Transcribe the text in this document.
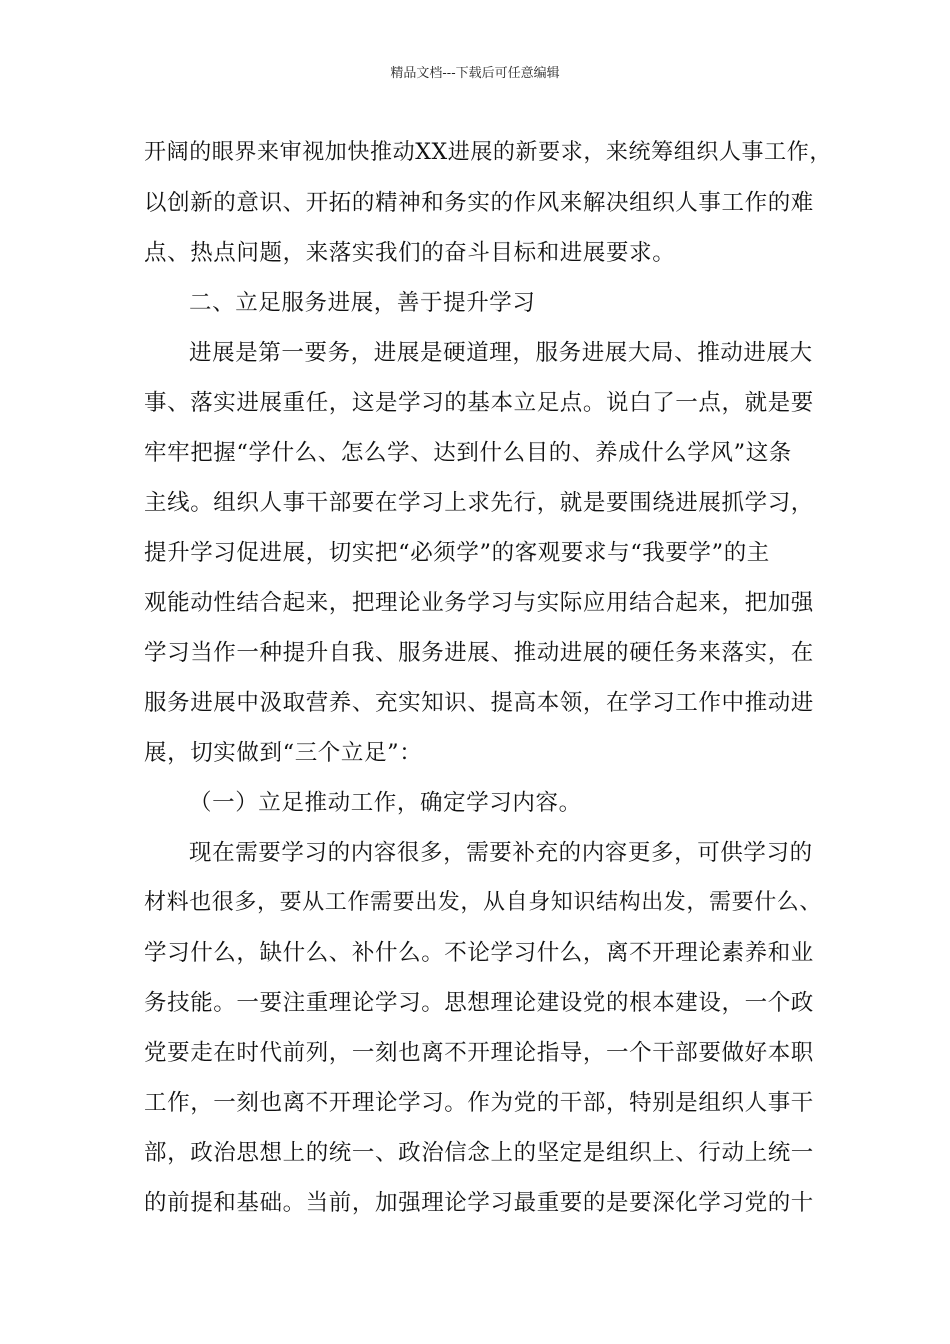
精品文档---下载后可任意编辑
开阔的眼界来审视加快推动XX进展的新要求，来统筹组织人事工作，
以创新的意识、开拓的精神和务实的作风来解决组织人事工作的难
点、热点问题，来落实我们的奋斗目标和进展要求。
二、立足服务进展，善于提升学习
进展是第一要务，进展是硬道理，服务进展大局、推动进展大
事、落实进展重任，这是学习的基本立足点。说白了一点，就是要
牢牢把握“学什么、怎么学、达到什么目的、养成什么学风”这条
主线。组织人事干部要在学习上求先行，就是要围绕进展抓学习，
提升学习促进展，切实把“必须学”的客观要求与“我要学”的主
观能动性结合起来，把理论业务学习与实际应用结合起来，把加强
学习当作一种提升自我、服务进展、推动进展的硬任务来落实，在
服务进展中汲取营养、充实知识、提高本领，在学习工作中推动进
展，切实做到“三个立足”：
（一）立足推动工作，确定学习内容。
现在需要学习的内容很多，需要补充的内容更多，可供学习的
材料也很多，要从工作需要出发，从自身知识结构出发，需要什么、
学习什么，缺什么、补什么。不论学习什么，离不开理论素养和业
务技能。一要注重理论学习。思想理论建设党的根本建设，一个政
党要走在时代前列，一刻也离不开理论指导，一个干部要做好本职
工作，一刻也离不开理论学习。作为党的干部，特别是组织人事干
部，政治思想上的统一、政治信念上的坚定是组织上、行动上统一
的前提和基础。当前，加强理论学习最重要的是要深化学习党的十
